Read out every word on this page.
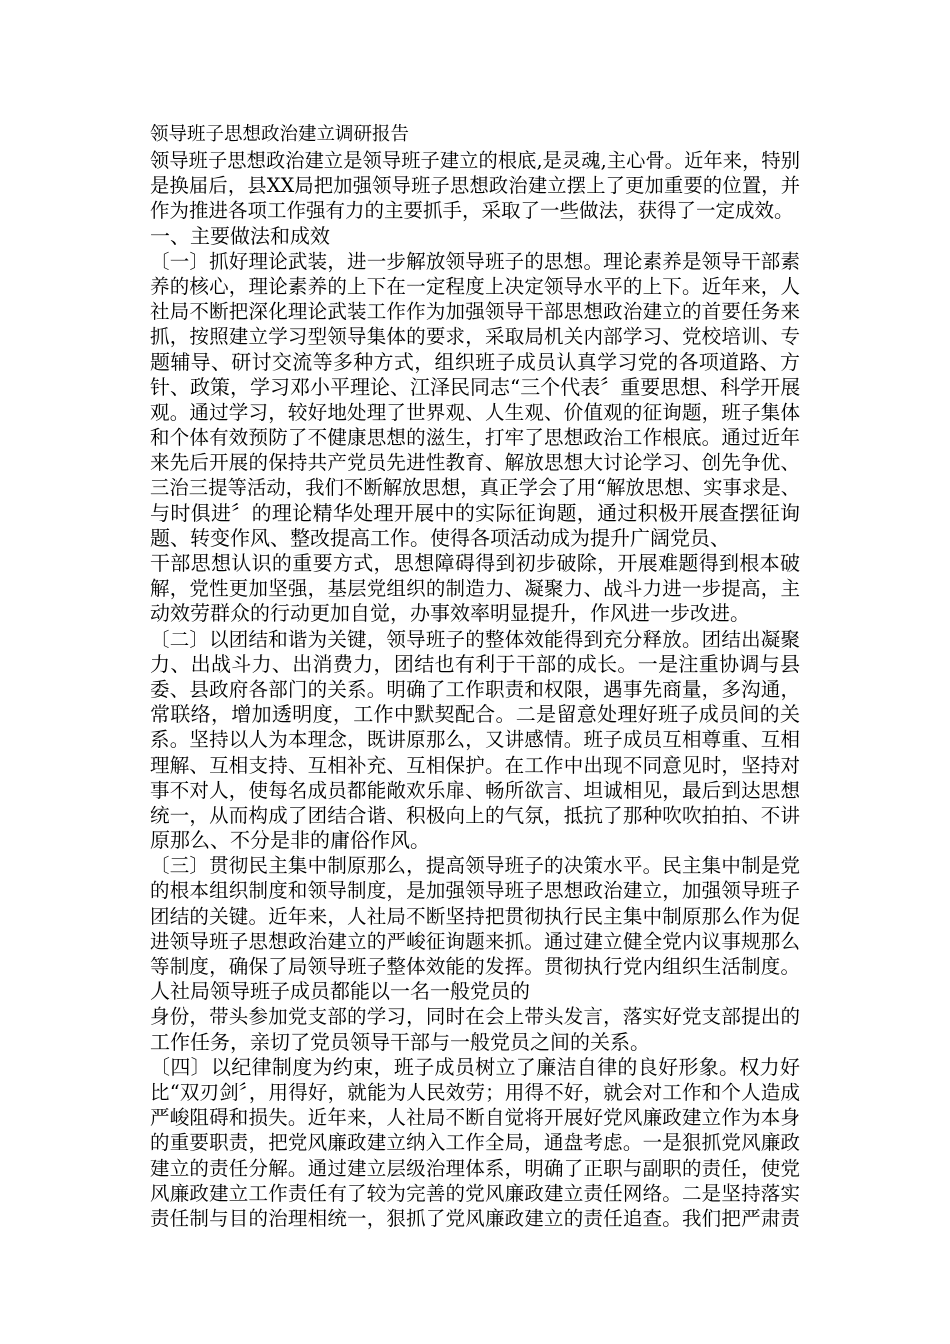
领导班子思想政治建立调研报告
领导班子思想政治建立是领导班子建立的根底,是灵魂,主心骨。近年来，特别
是换届后，县XX局把加强领导班子思想政治建立摆上了更加重要的位置，并
作为推进各项工作强有力的主要抓手，采取了一些做法，获得了一定成效。
一、主要做法和成效
〔一〕抓好理论武装，进一步解放领导班子的思想。理论素养是领导干部素
养的核心，理论素养的上下在一定程度上决定领导水平的上下。近年来，人
社局不断把深化理论武装工作作为加强领导干部思想政治建立的首要任务来
抓，按照建立学习型领导集体的要求，采取局机关内部学习、党校培训、专
题辅导、研讨交流等多种方式，组织班子成员认真学习党的各项道路、方
针、政策，学习邓小平理论、江泽民同志“三个代表〞重要思想、科学开展
观。通过学习，较好地处理了世界观、人生观、价值观的征询题，班子集体
和个体有效预防了不健康思想的滋生，打牢了思想政治工作根底。通过近年
来先后开展的保持共产党员先进性教育、解放思想大讨论学习、创先争优、
三治三提等活动，我们不断解放思想，真正学会了用“解放思想、实事求是、
与时俱进〞的理论精华处理开展中的实际征询题，通过积极开展查摆征询
题、转变作风、整改提高工作。使得各项活动成为提升广阔党员、
干部思想认识的重要方式，思想障碍得到初步破除，开展难题得到根本破
解，党性更加坚强，基层党组织的制造力、凝聚力、战斗力进一步提高，主
动效劳群众的行动更加自觉，办事效率明显提升，作风进一步改进。
〔二〕以团结和谐为关键，领导班子的整体效能得到充分释放。团结出凝聚
力、出战斗力、出消费力，团结也有利于干部的成长。一是注重协调与县
委、县政府各部门的关系。明确了工作职责和权限，遇事先商量，多沟通，
常联络，增加透明度，工作中默契配合。二是留意处理好班子成员间的关
系。坚持以人为本理念，既讲原那么，又讲感情。班子成员互相尊重、互相
理解、互相支持、互相补充、互相保护。在工作中出现不同意见时，坚持对
事不对人，使每名成员都能敞欢乐扉、畅所欲言、坦诚相见，最后到达思想
统一，从而构成了团结合谐、积极向上的气氛，抵抗了那种吹吹拍拍、不讲
原那么、不分是非的庸俗作风。
〔三〕贯彻民主集中制原那么，提高领导班子的决策水平。民主集中制是党
的根本组织制度和领导制度，是加强领导班子思想政治建立，加强领导班子
团结的关键。近年来，人社局不断坚持把贯彻执行民主集中制原那么作为促
进领导班子思想政治建立的严峻征询题来抓。通过建立健全党内议事规那么
等制度，确保了局领导班子整体效能的发挥。贯彻执行党内组织生活制度。
人社局领导班子成员都能以一名一般党员的
身份，带头参加党支部的学习，同时在会上带头发言，落实好党支部提出的
工作任务，亲切了党员领导干部与一般党员之间的关系。
〔四〕以纪律制度为约束，班子成员树立了廉洁自律的良好形象。权力好
比“双刃剑〞，用得好，就能为人民效劳；用得不好，就会对工作和个人造成
严峻阻碍和损失。近年来，人社局不断自觉将开展好党风廉政建立作为本身
的重要职责，把党风廉政建立纳入工作全局，通盘考虑。一是狠抓党风廉政
建立的责任分解。通过建立层级治理体系，明确了正职与副职的责任，使党
风廉政建立工作责任有了较为完善的党风廉政建立责任网络。二是坚持落实
责任制与目的治理相统一，狠抓了党风廉政建立的责任追查。我们把严肃责
